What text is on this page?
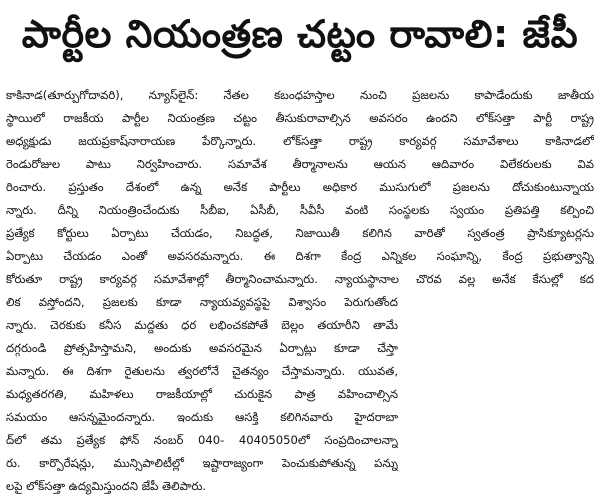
పార్టీల నియంత్రణ చట్టం రావాలి: జేపీ
కాకినాడ(తూర్పుగోదావరి), న్యూస్‌లైన్: నేతల కబంధహస్తాల నుంచి ప్రజలను కాపాడేందుకు జాతీయ
స్థాయిలో రాజకీయ పార్టీల నియంత్రణ చట్టం తీసుకురావాల్సిన అవసరం ఉందని లోక్‌సత్తా పార్టీ రాష్ట్ర
అధ్యక్షుడు జయప్రకాష్‌నారాయణ పేర్కొన్నారు. లోక్‌సత్తా రాష్ట్ర కార్యవర్గ సమావేశాలు కాకినాడలో
రెండురోజుల పాటు నిర్వహించారు. సమావేశ తీర్మానాలను ఆయన ఆదివారం విలేకరులకు వివ
రించారు. ప్రస్తుతం దేశంలో ఉన్న అనేక పార్టీలు అధికార ముసుగులో ప్రజలను దోచుకుంటున్నాయ
న్నారు. దీన్ని నియంత్రించేందుకు సీబీఐ, ఏసీబీ, సీవీసీ వంటి సంస్థలకు స్వయం ప్రతిపత్తి కల్పించి
ప్రత్యేక కోర్టులు ఏర్పాటు చేయడం, నిబద్ధత, నిజాయితీ కలిగిన వారితో స్వతంత్ర ప్రాసిక్యూటర్లను
ఏర్పాటు చేయడం ఎంతో అవసరమన్నారు. ఈ దిశగా కేంద్ర ఎన్నికల సంఘాన్ని, కేంద్ర ప్రభుత్వాన్ని
కోరుతూ రాష్ట్ర కార్యవర్గ సమావేశాల్లో తీర్మానించామన్నారు. న్యాయస్థానాల చొరవ వల్ల అనేక కేసుల్లో కద
లిక వస్తోందని, ప్రజలకు కూడా న్యాయవ్యవస్థపై విశ్వాసం పెరుగుతోంద
న్నారు. చెరకుకు కనీస మద్దతు ధర లభించకపోతే బెల్లం తయారీని తామే
దగ్గరుండి ప్రోత్సహిస్తామని, అందుకు అవసరమైన ఏర్పాట్లు కూడా చేస్తా
మన్నారు. ఈ దిశగా రైతులను త్వరలోనే చైతన్యం చేస్తామన్నారు. యువత,
మధ్యతరగతి, మహిళలు రాజకీయాల్లో చురుకైన పాత్ర వహించాల్సిన
సమయం ఆసన్నమైందన్నారు. ఇందుకు ఆసక్తి కలిగినవారు హైదరాబా
ద్‌లో తమ ప్రత్యేక ఫోన్ నంబర్ 040- 40405050లో సంప్రదించాలన్నా
రు. కార్పొరేషన్లు, మున్సిపాలిటీల్లో ఇష్టారాజ్యంగా పెంచుకుపోతున్న పన్ను
లపై లోక్‌సత్తా ఉద్యమిస్తుందని జేపీ తెలిపారు.
